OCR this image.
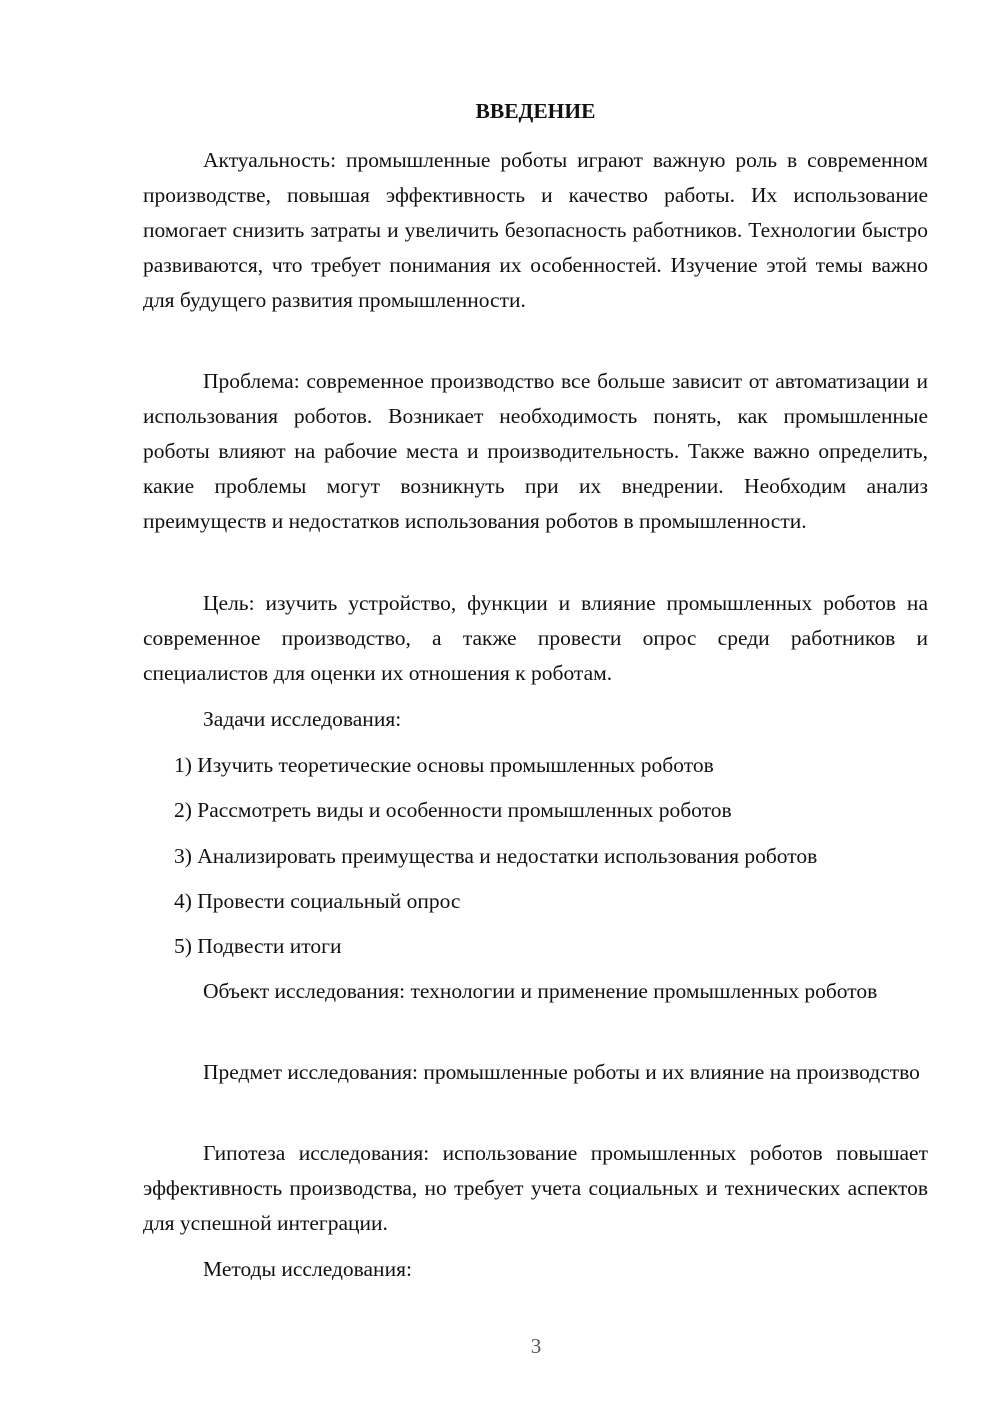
ВВЕДЕНИЕ

Актуальность: промышленные роботы играют важную роль в современном производстве, повышая эффективность и качество работы. Их использование помогает снизить затраты и увеличить безопасность работников. Технологии быстро развиваются, что требует понимания их особенностей. Изучение этой темы важно для будущего развития промышленности.

Проблема: современное производство все больше зависит от автоматизации и использования роботов. Возникает необходимость понять, как промышленные роботы влияют на рабочие места и производительность. Также важно определить, какие проблемы могут возникнуть при их внедрении. Необходим анализ преимуществ и недостатков использования роботов в промышленности.

Цель: изучить устройство, функции и влияние промышленных роботов на современное производство, а также провести опрос среди работников и специалистов для оценки их отношения к роботам.

Задачи исследования:

1) Изучить теоретические основы промышленных роботов
2) Рассмотреть виды и особенности промышленных роботов
3) Анализировать преимущества и недостатки использования роботов
4) Провести социальный опрос
5) Подвести итоги

Объект исследования: технологии и применение промышленных роботов

Предмет исследования: промышленные роботы и их влияние на производство

Гипотеза исследования: использование промышленных роботов повышает эффективность производства, но требует учета социальных и технических аспектов для успешной интеграции.

Методы исследования:

3
